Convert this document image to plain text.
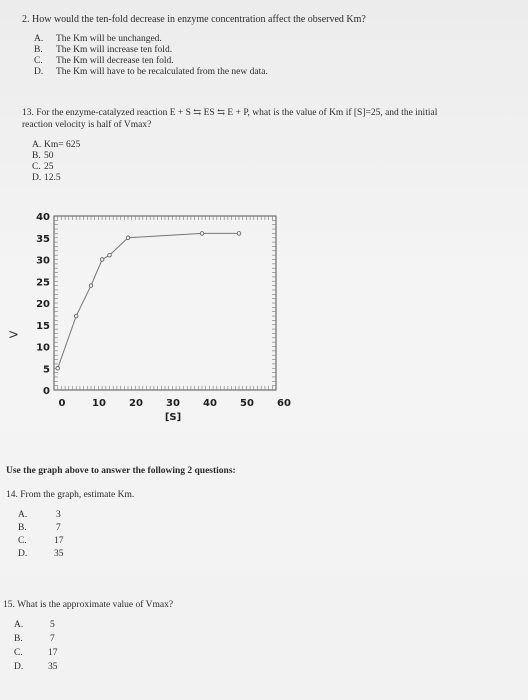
2. How would the ten-fold decrease in enzyme concentration affect the observed Km?
A. The Km will be unchanged.
B. The Km will increase ten fold.
C. The Km will decrease ten fold.
D. The Km will have to be recalculated from the new data.
13. For the enzyme-catalyzed reaction E + S ⇆ ES ⇆ E + P, what is the value of Km if [S]=25, and the initial
reaction velocity is half of Vmax?
A. Km= 625
B. 50
C. 25
D. 12.5
V
0	10 20 30 40 50 60
0
5
10
15
20
25
30
35
40
[S]
Use the graph above to answer the following 2 questions:
14. From the graph, estimate Km.
A.	3
B.	7
C.	17
D.	35
15. What is the approximate value of Vmax?
A.	5
B.	7
C.	17
D.	35
